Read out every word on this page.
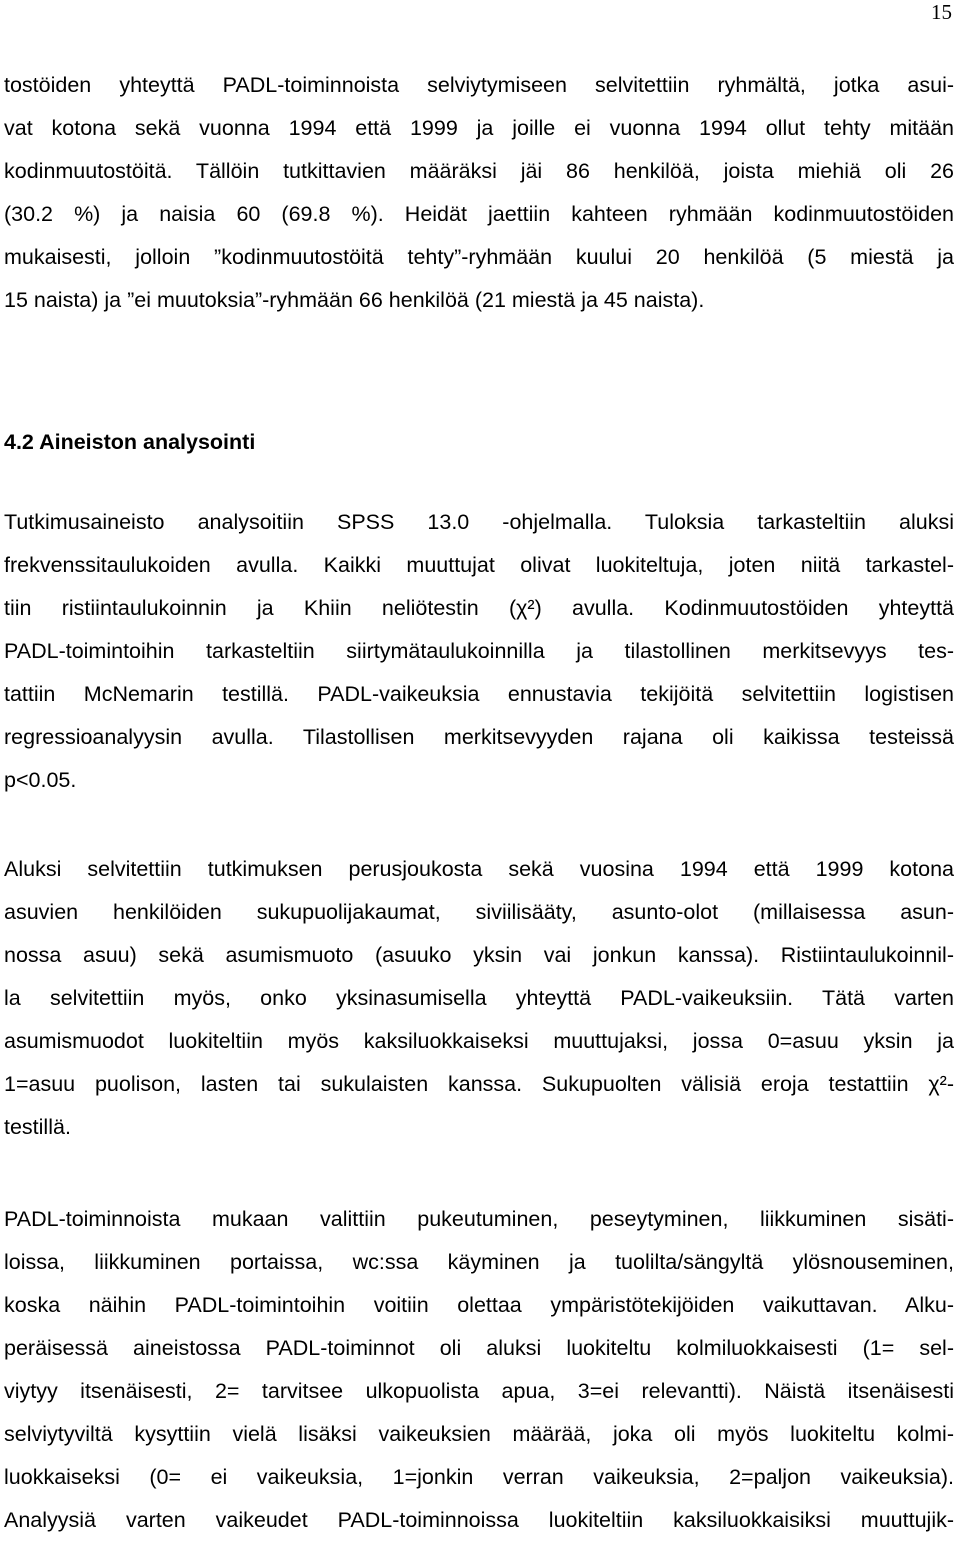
15
tostöiden yhteyttä PADL-toiminnoista selviytymiseen selvitettiin ryhmältä, jotka asui-
vat kotona sekä vuonna 1994 että 1999 ja joille ei vuonna 1994 ollut tehty mitään
kodinmuutostöitä. Tällöin tutkittavien määräksi jäi 86 henkilöä, joista miehiä oli 26
(30.2 %) ja naisia 60 (69.8 %). Heidät jaettiin kahteen ryhmään kodinmuutostöiden
mukaisesti, jolloin ”kodinmuutostöitä tehty”-ryhmään kuului 20 henkilöä (5 miestä ja
15 naista) ja ”ei muutoksia”-ryhmään 66 henkilöä (21 miestä ja 45 naista).
4.2 Aineiston analysointi
Tutkimusaineisto analysoitiin SPSS 13.0 -ohjelmalla. Tuloksia tarkasteltiin aluksi
frekvenssitaulukoiden avulla. Kaikki muuttujat olivat luokiteltuja, joten niitä tarkastel-
tiin ristiintaulukoinnin ja Khiin neliötestin (χ²) avulla. Kodinmuutostöiden yhteyttä
PADL-toimintoihin tarkasteltiin siirtymätaulukoinnilla ja tilastollinen merkitsevyys tes-
tattiin McNemarin testillä. PADL-vaikeuksia ennustavia tekijöitä selvitettiin logistisen
regressioanalyysin avulla. Tilastollisen merkitsevyyden rajana oli kaikissa testeissä
p<0.05.
Aluksi selvitettiin tutkimuksen perusjoukosta sekä vuosina 1994 että 1999 kotona
asuvien henkilöiden sukupuolijakaumat, siviilisääty, asunto-olot (millaisessa asun-
nossa asuu) sekä asumismuoto (asuuko yksin vai jonkun kanssa). Ristiintaulukoinnil-
la selvitettiin myös, onko yksinasumisella yhteyttä PADL-vaikeuksiin. Tätä varten
asumismuodot luokiteltiin myös kaksiluokkaiseksi muuttujaksi, jossa 0=asuu yksin ja
1=asuu puolison, lasten tai sukulaisten kanssa. Sukupuolten välisiä eroja testattiin χ²-
testillä.
PADL-toiminnoista mukaan valittiin pukeutuminen, peseytyminen, liikkuminen sisäti-
loissa, liikkuminen portaissa, wc:ssa käyminen ja tuolilta/sängyltä ylösnouseminen,
koska näihin PADL-toimintoihin voitiin olettaa ympäristötekijöiden vaikuttavan. Alku-
peräisessä aineistossa PADL-toiminnot oli aluksi luokiteltu kolmiluokkaisesti (1= sel-
viytyy itsenäisesti, 2= tarvitsee ulkopuolista apua, 3=ei relevantti). Näistä itsenäisesti
selviytyviltä kysyttiin vielä lisäksi vaikeuksien määrää, joka oli myös luokiteltu kolmi-
luokkaiseksi (0= ei vaikeuksia, 1=jonkin verran vaikeuksia, 2=paljon vaikeuksia).
Analyysiä varten vaikeudet PADL-toiminnoissa luokiteltiin kaksiluokkaisiksi muuttujik-
